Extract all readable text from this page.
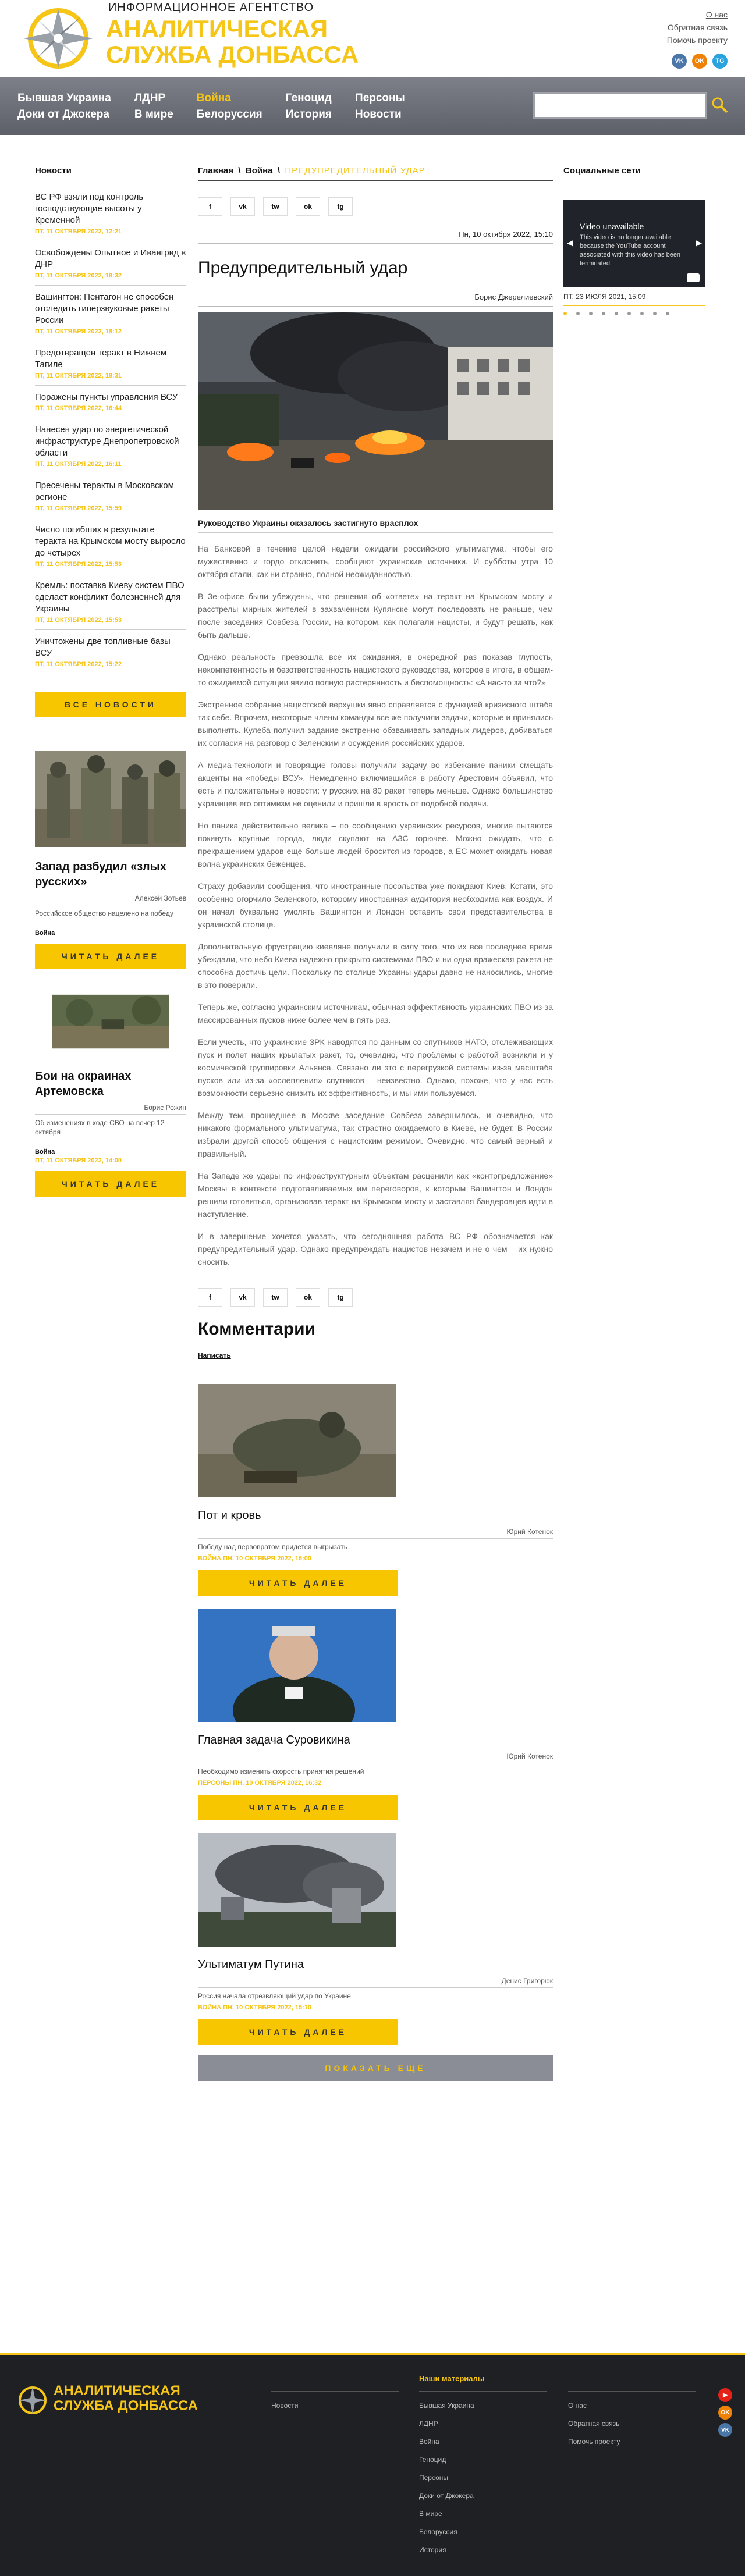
ИНФОРМАЦИОННОЕ АГЕНТСТВО
АНАЛИТИЧЕСКАЯ
СЛУЖБА ДОНБАССА
О нас
Обратная связь
Помочь проекту
VK	OK	TG
Бывшая Украина ЛДНР	Война	Геноцид Персоны
Доки от Джокера В мире Белоруссия История Новости
Новости
ВС РФ взяли под контроль господствующие высоты у Кременной
ПТ, 11 ОКТЯБРЯ 2022, 12:21
Освобождены Опытное и Ивангрвд в ДНР
ПТ, 11 ОКТЯБРЯ 2022, 18:32
Вашингтон: Пентагон не способен отследить гиперзвуковые ракеты России
ПТ, 11 ОКТЯБРЯ 2022, 18:12
Предотвращен теракт в Нижнем Тагиле
ПТ, 11 ОКТЯБРЯ 2022, 18:31
Поражены пункты управления ВСУ
ПТ, 11 ОКТЯБРЯ 2022, 16:44
Нанесен удар по энергетической инфраструктуре Днепропетровской области
ПТ, 11 ОКТЯБРЯ 2022, 16:11
Пресечены теракты в Московском регионе
ПТ, 11 ОКТЯБРЯ 2022, 15:59
Число погибших в результате теракта на Крымском мосту выросло до четырех
ПТ, 11 ОКТЯБРЯ 2022, 15:53
Кремль: поставка Киеву систем ПВО сделает конфликт болезненней для Украины
ПТ, 11 ОКТЯБРЯ 2022, 15:53
Уничтожены две топливные базы ВСУ
ПТ, 11 ОКТЯБРЯ 2022, 15:22
ВСЕ НОВОСТИ
Запад разбудил «злых русских»
Алексей Зотьев
Российское общество нацелено на победу
Война
ЧИТАТЬ ДАЛЕЕ
Бои на окраинах Артемовска
Борис Рожин
Об изменениях в ходе СВО на вечер 12 октября
Война
ПТ, 11 ОКТЯБРЯ 2022, 14:00
ЧИТАТЬ ДАЛЕЕ
Главная  \  Война  \  ПРЕДУПРЕДИТЕЛЬНЫЙ УДАР
f	vk	tw	ok	tg
Пн, 10 октября 2022, 15:10
Предупредительный удар
Борис Джерелиевский
Руководство Украины оказалось застигнуто врасплох

На Банковой в течение целой недели ожидали российского ультиматума, чтобы его мужественно и гордо отклонить, сообщают украинские источники. И субботы утра 10 октября стали, как ни странно, полной неожиданностью.

В Зе-офисе были убеждены, что решения об «ответе» на теракт на Крымском мосту и расстрелы мирных жителей в захваченном Купянске могут последовать не раньше, чем после заседания Совбеза России, на котором, как полагали нацисты, и будут решать, как быть дальше.

Однако реальность превзошла все их ожидания, в очередной раз показав глупость, некомпетентность и безответственность нацистского руководства, которое в итоге, в общем-то ожидаемой ситуации явило полную растерянность и беспомощность: «А нас-то за что?»

Экстренное собрание нацистской верхушки явно справляется с функцией кризисного штаба так себе. Впрочем, некоторые члены команды все же получили задачи, которые и принялись выполнять. Кулеба получил задание экстренно обзванивать западных лидеров, добиваться их согласия на разговор с Зеленским и осуждения российских ударов.

А медиа-технологи и говорящие головы получили задачу во избежание паники смещать акценты на «победы ВСУ». Немедленно включившийся в работу Арестович объявил, что есть и положительные новости: у русских на 80 ракет теперь меньше. Однако большинство украинцев его оптимизм не оценили и пришли в ярость от подобной подачи.

Но паника действительно велика – по сообщению украинских ресурсов, многие пытаются покинуть крупные города, люди скупают на АЗС горючее. Можно ожидать, что с прекращением ударов еще больше людей бросится из городов, а ЕС может ожидать новая волна украинских беженцев.

Страху добавили сообщения, что иностранные посольства уже покидают Киев. Кстати, это особенно огорчило Зеленского, которому иностранная аудитория необходима как воздух. И он начал буквально умолять Вашингтон и Лондон оставить свои представительства в украинской столице.

Дополнительную фрустрацию киевляне получили в силу того, что их все последнее время убеждали, что небо Киева надежно прикрыто системами ПВО и ни одна вражеская ракета не способна достичь цели. Поскольку по столице Украины удары давно не наносились, многие в это поверили.

Теперь же, согласно украинским источникам, обычная эффективность украинских ПВО из-за массированных пусков ниже более чем в пять раз.

Если учесть, что украинские ЗРК наводятся по данным со спутников НАТО, отслеживающих пуск и полет наших крылатых ракет, то, очевидно, что проблемы с работой возникли и у космической группировки Альянса. Связано ли это с перегрузкой системы из-за масштаба пусков или из-за «ослепления» спутников – неизвестно. Однако, похоже, что у нас есть возможности серьезно снизить их эффективность, и мы ими пользуемся.

Между тем, прошедшее в Москве заседание Совбеза завершилось, и очевидно, что никакого формального ультиматума, так страстно ожидаемого в Киеве, не будет. В России избрали другой способ общения с нацистским режимом. Очевидно, что самый верный и правильный.

На Западе же удары по инфраструктурным объектам расценили как «контрпредложение» Москвы в контексте подготавливаемых им переговоров, к которым Вашингтон и Лондон решили готовиться, организовав теракт на Крымском мосту и заставляя бандеровцев идти в наступление.

И в завершение хочется указать, что сегодняшняя работа ВС РФ обозначается как предупредительный удар. Однако предупреждать нацистов незачем и не о чем – их нужно сносить.

f	vk	tw	ok	tg
Комментарии
Написать
Пот и кровь
Юрий Котенок
Победу над первовратом придется выгрызать
ВОЙНА ПН, 10 ОКТЯБРЯ 2022, 16:00
ЧИТАТЬ ДАЛЕЕ
Главная задача Суровикина
Юрий Котенок
Необходимо изменить скорость принятия решений
ПЕРСОНЫ ПН, 10 ОКТЯБРЯ 2022, 16:32
ЧИТАТЬ ДАЛЕЕ
Ультиматум Путина
Денис Григорюк
Россия начала отрезвляющий удар по Украине
ВОЙНА ПН, 10 ОКТЯБРЯ 2022, 15:10
ЧИТАТЬ ДАЛЕЕ
ПОКАЗАТЬ ЕЩЕ
Социальные сети
◀	▶
Video unavailable
This video is no longer available because the YouTube account associated with this video has been terminated.
ПТ, 23 ИЮЛЯ 2021, 15:09
АНАЛИТИЧЕСКАЯ
СЛУЖБА ДОНБАССА	Новости
Наши материалы
Бывшая Украина
ЛДНР
Война
Геноцид
Персоны
Доки от Джокера
В мире
Белоруссия
История
О нас
Обратная связь
Помочь проекту
▶
OK
VK
